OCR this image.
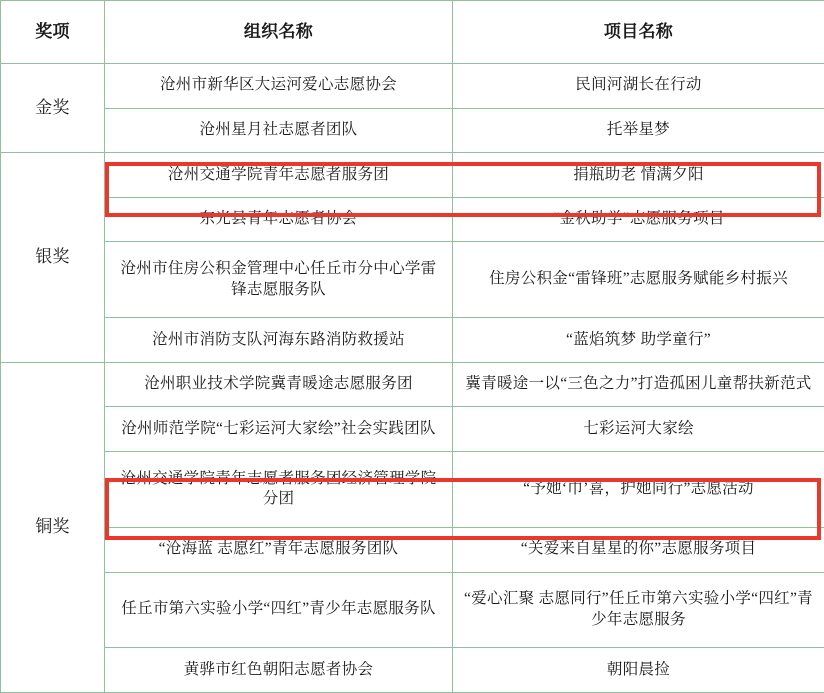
奖项	组织名称	项目名称
金奖	沧州市新华区大运河爱心志愿协会	民间河湖长在行动
	沧州星月社志愿者团队	托举星梦
银奖	沧州交通学院青年志愿者服务团	捐瓶助老 情满夕阳
	东光县青年志愿者协会	“金秋助学”志愿服务项目
	沧州市住房公积金管理中心任丘市分中心学雷锋志愿服务队	住房公积金“雷锋班”志愿服务赋能乡村振兴
	沧州市消防支队河海东路消防救援站	“蓝焰筑梦 助学童行”
铜奖	沧州职业技术学院冀青暖途志愿服务团	冀青暖途一以“三色之力”打造孤困儿童帮扶新范式
	沧州师范学院“七彩运河大家绘”社会实践团队	七彩运河大家绘
	沧州交通学院青年志愿者服务团经济管理学院分团	“予她‘巾’喜，护她同行”志愿活动
	“沧海蓝 志愿红”青年志愿服务团队	“关爱来自星星的你”志愿服务项目
	任丘市第六实验小学“四红”青少年志愿服务队	“爱心汇聚 志愿同行”任丘市第六实验小学“四红”青少年志愿服务
	黄骅市红色朝阳志愿者协会	朝阳晨捡
